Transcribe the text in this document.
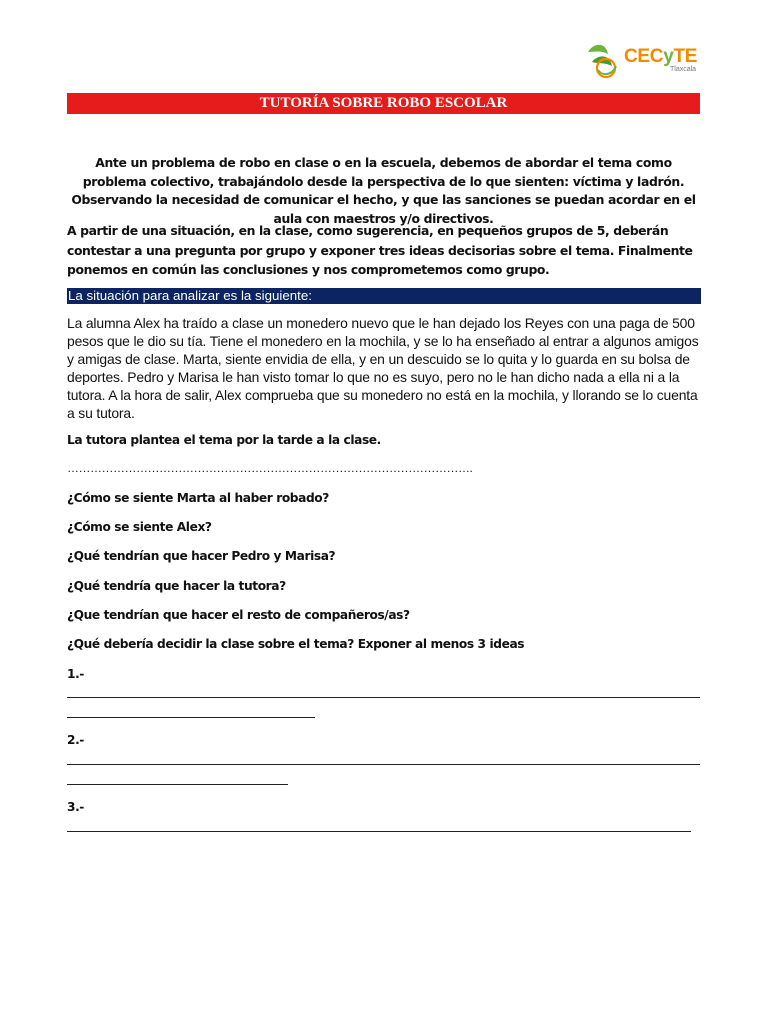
CECyTE
Tlaxcala
TUTORÍA SOBRE ROBO ESCOLAR
Ante un problema de robo en clase o en la escuela, debemos de abordar el tema como problema colectivo, trabajándolo desde la perspectiva de lo que sienten: víctima y ladrón. Observando la necesidad de comunicar el hecho, y que las sanciones se puedan acordar en el aula con maestros y/o directivos.
A partir de una situación, en la clase, como sugerencia, en pequeños grupos de 5, deberán contestar a una pregunta por grupo y exponer tres ideas decisorias sobre el tema. Finalmente ponemos en común las conclusiones y nos comprometemos como grupo.
La situación para analizar es la siguiente:
La alumna Alex ha traído a clase un monedero nuevo que le han dejado los Reyes con una paga de 500 pesos que le dio su tía. Tiene el monedero en la mochila, y se lo ha enseñado al entrar a algunos amigos y amigas de clase. Marta, siente envidia de ella, y en un descuido se lo quita y lo guarda en su bolsa de deportes. Pedro y Marisa le han visto tomar lo que no es suyo, pero no le han dicho nada a ella ni a la tutora. A la hora de salir, Alex comprueba que su monedero no está en la mochila, y llorando se lo cuenta a su tutora.
La tutora plantea el tema por la tarde a la clase.
…………………………………………………………………………………………….
¿Cómo se siente Marta al haber robado?
¿Cómo se siente Alex?
¿Qué tendrían que hacer Pedro y Marisa?
¿Qué tendría que hacer la tutora?
¿Que tendrían que hacer el resto de compañeros/as?
¿Qué debería decidir la clase sobre el tema? Exponer al menos 3 ideas
1.-
2.-
3.-
